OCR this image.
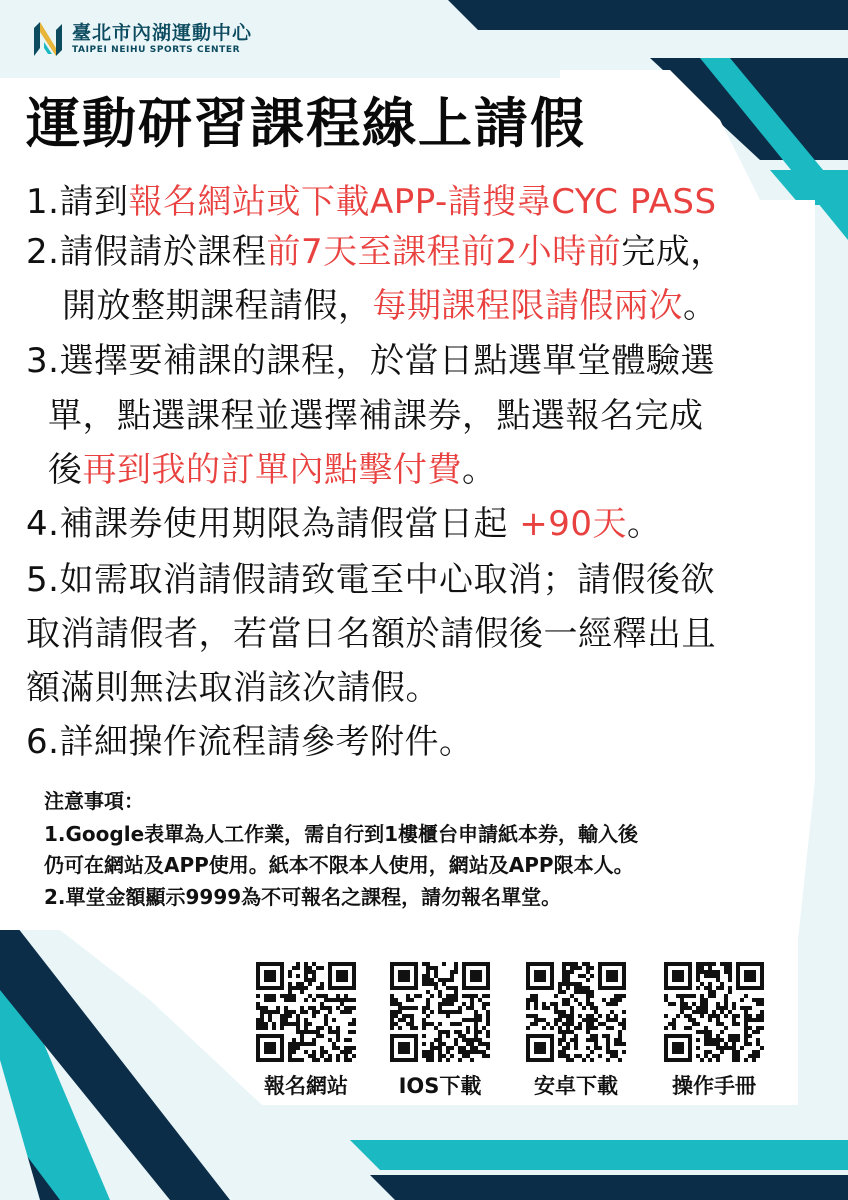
臺北市內湖運動中心
TAIPEI NEIHU SPORTS CENTER
運動研習課程線上請假
1.請到報名網站或下載APP-請搜尋CYC PASS
2.請假請於課程前7天至課程前2小時前完成，
開放整期課程請假，每期課程限請假兩次。
3.選擇要補課的課程，於當日點選單堂體驗選
單，點選課程並選擇補課券，點選報名完成
後再到我的訂單內點擊付費。
4.補課券使用期限為請假當日起 +90天。
5.如需取消請假請致電至中心取消；請假後欲
取消請假者，若當日名額於請假後一經釋出且
額滿則無法取消該次請假。
6.詳細操作流程請參考附件。
注意事項：
1.Google表單為人工作業，需自行到1樓櫃台申請紙本券，輸入後
仍可在網站及APP使用。紙本不限本人使用，網站及APP限本人。
2.單堂金額顯示9999為不可報名之課程，請勿報名單堂。
報名網站	IOS下載	安卓下載	操作手冊
